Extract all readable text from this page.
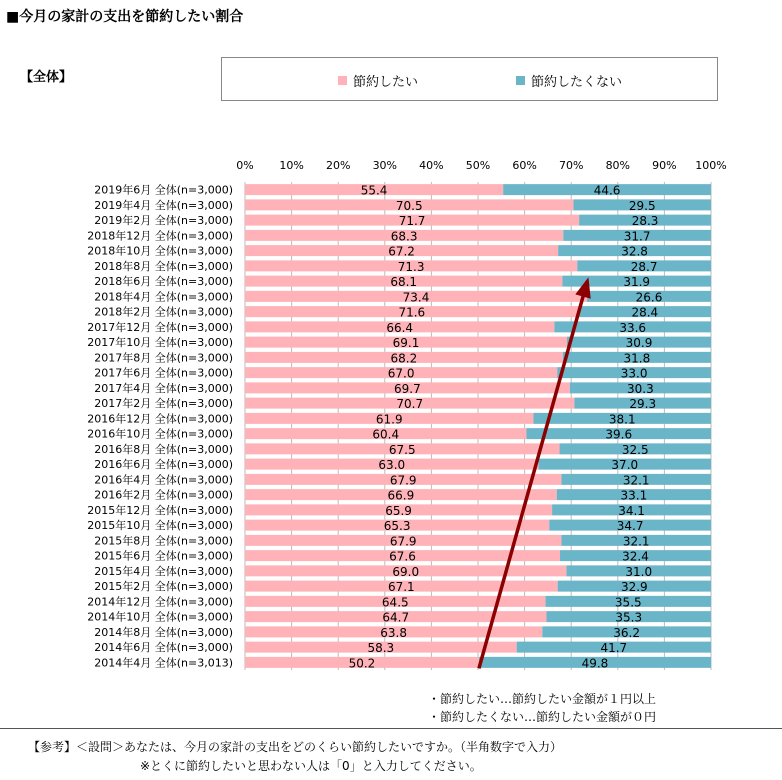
■今月の家計の支出を節約したい割合
【全体】	節約したい	節約したくない
0% 10% 20% 30% 40% 50% 60% 70% 80% 90% 100%
2019年6月 全体(n=3,000)	55.4	44.6
2019年4月 全体(n=3,000)	70.5	29.5
2019年2月 全体(n=3,000)	71.7	28.3
2018年12月 全体(n=3,000)	68.3	31.7
2018年10月 全体(n=3,000)	67.2	32.8
2018年8月 全体(n=3,000)	71.3	28.7
2018年6月 全体(n=3,000)	68.1	31.9
2018年4月 全体(n=3,000)	73.4	26.6
2018年2月 全体(n=3,000)	71.6	28.4
2017年12月 全体(n=3,000)	66.4	33.6
2017年10月 全体(n=3,000)	69.1	30.9
2017年8月 全体(n=3,000)	68.2	31.8
2017年6月 全体(n=3,000)	67.0	33.0
2017年4月 全体(n=3,000)	69.7	30.3
2017年2月 全体(n=3,000)	70.7	29.3
2016年12月 全体(n=3,000)	61.9	38.1
2016年10月 全体(n=3,000)	60.4	39.6
2016年8月 全体(n=3,000)	67.5	32.5
2016年6月 全体(n=3,000)	63.0	37.0
2016年4月 全体(n=3,000)	67.9	32.1
2016年2月 全体(n=3,000)	66.9	33.1
2015年12月 全体(n=3,000)	65.9	34.1
2015年10月 全体(n=3,000)	65.3	34.7
2015年8月 全体(n=3,000)	67.9	32.1
2015年6月 全体(n=3,000)	67.6	32.4
2015年4月 全体(n=3,000)	69.0	31.0
2015年2月 全体(n=3,000)	67.1	32.9
2014年12月 全体(n=3,000)	64.5	35.5
2014年10月 全体(n=3,000)	64.7	35.3
2014年8月 全体(n=3,000)	63.8	36.2
2014年6月 全体(n=3,000)	58.3	41.7
2014年4月 全体(n=3,013)	50.2	49.8
・節約したい…節約したい金額が１円以上
・節約したくない…節約したい金額が０円
【参考】＜設問＞あなたは、今月の家計の支出をどのくらい節約したいですか。（半角数字で入力）
※とくに節約したいと思わない人は「0」と入力してください。
